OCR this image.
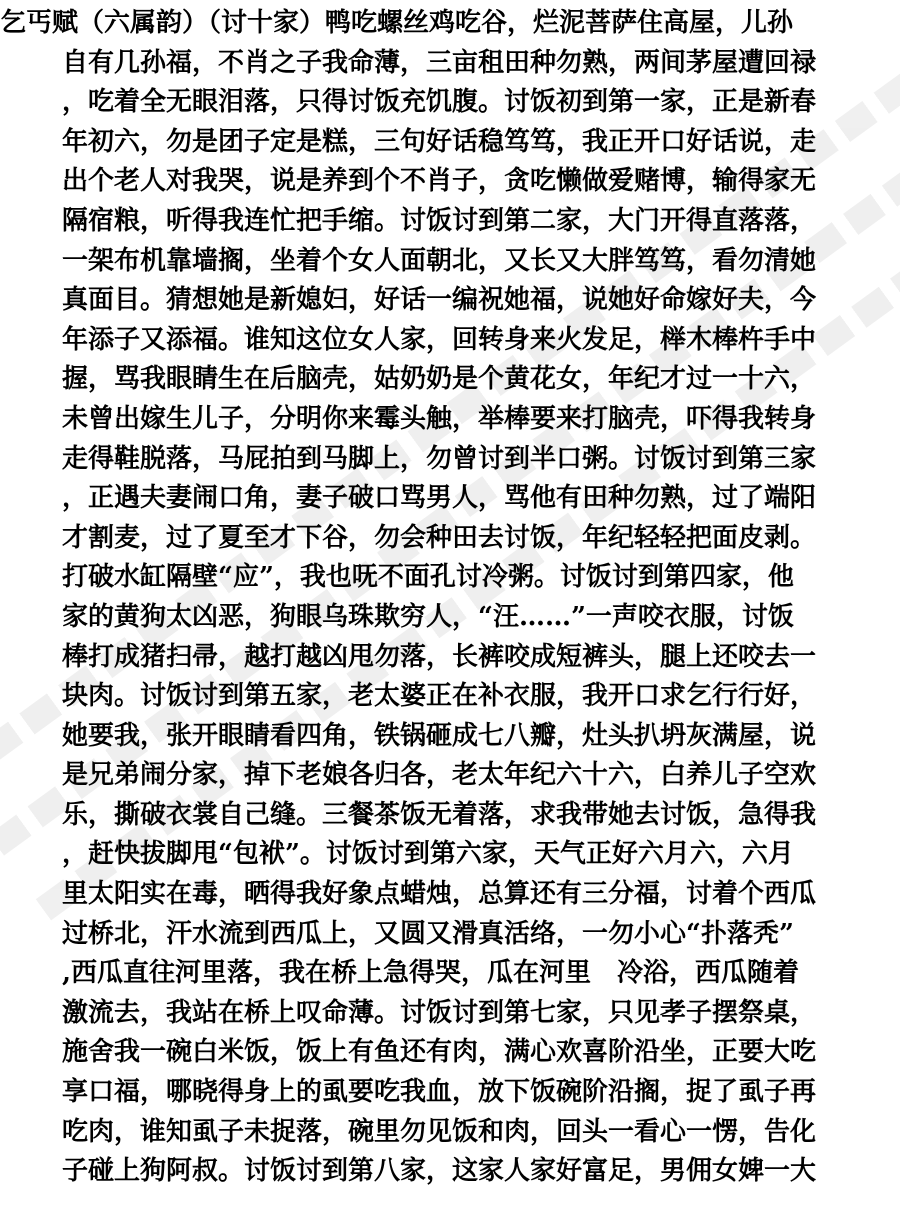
乞丐赋（六属韵）（讨十家）鸭吃螺丝鸡吃谷，烂泥菩萨住高屋，儿孙
自有几孙福，不肖之子我命薄，三亩租田种勿熟，两间茅屋遭回禄
，吃着全无眼泪落，只得讨饭充饥腹。讨饭初到第一家，正是新春
年初六，勿是团子定是糕，三句好话稳笃笃，我正开口好话说，走
出个老人对我哭，说是养到个不肖子，贪吃懒做爱赌博，输得家无
隔宿粮，听得我连忙把手缩。讨饭讨到第二家，大门开得直落落，
一架布机靠墙搁，坐着个女人面朝北，又长又大胖笃笃，看勿清她
真面目。猜想她是新媳妇，好话一编祝她福，说她好命嫁好夫，今
年添子又添福。谁知这位女人家，回转身来火发足，榉木棒杵手中
握，骂我眼睛生在后脑壳，姑奶奶是个黄花女，年纪才过一十六，
未曾出嫁生儿子，分明你来霉头触，举棒要来打脑壳，吓得我转身
走得鞋脱落，马屁拍到马脚上，勿曾讨到半口粥。讨饭讨到第三家
，正遇夫妻闹口角，妻子破口骂男人，骂他有田种勿熟，过了端阳
才割麦，过了夏至才下谷，勿会种田去讨饭，年纪轻轻把面皮剥。
打破水缸隔壁“应”，我也呒不面孔讨冷粥。讨饭讨到第四家，他
家的黄狗太凶恶，狗眼乌珠欺穷人，“汪……”一声咬衣服，讨饭
棒打成猪扫帚，越打越凶甩勿落，长裤咬成短裤头，腿上还咬去一
块肉。讨饭讨到第五家，老太婆正在补衣服，我开口求乞行行好，
她要我，张开眼睛看四角，铁锅砸成七八瓣，灶头扒坍灰满屋，说
是兄弟闹分家，掉下老娘各归各，老太年纪六十六，白养儿子空欢
乐，撕破衣裳自己缝。三餐茶饭无着落，求我带她去讨饭，急得我
，赶快拔脚甩“包袱”。讨饭讨到第六家，天气正好六月六，六月
里太阳实在毒，晒得我好象点蜡烛，总算还有三分福，讨着个西瓜
过桥北，汗水流到西瓜上，又圆又滑真活络，一勿小心“扑落秃”
,西瓜直往河里落，我在桥上急得哭，瓜在河里　冷浴，西瓜随着
激流去，我站在桥上叹命薄。讨饭讨到第七家，只见孝子摆祭桌，
施舍我一碗白米饭，饭上有鱼还有肉，满心欢喜阶沿坐，正要大吃
享口福，哪晓得身上的虱要吃我血，放下饭碗阶沿搁，捉了虱子再
吃肉，谁知虱子未捉落，碗里勿见饭和肉，回头一看心一愣，告化
子碰上狗阿叔。讨饭讨到第八家，这家人家好富足，男佣女婢一大
